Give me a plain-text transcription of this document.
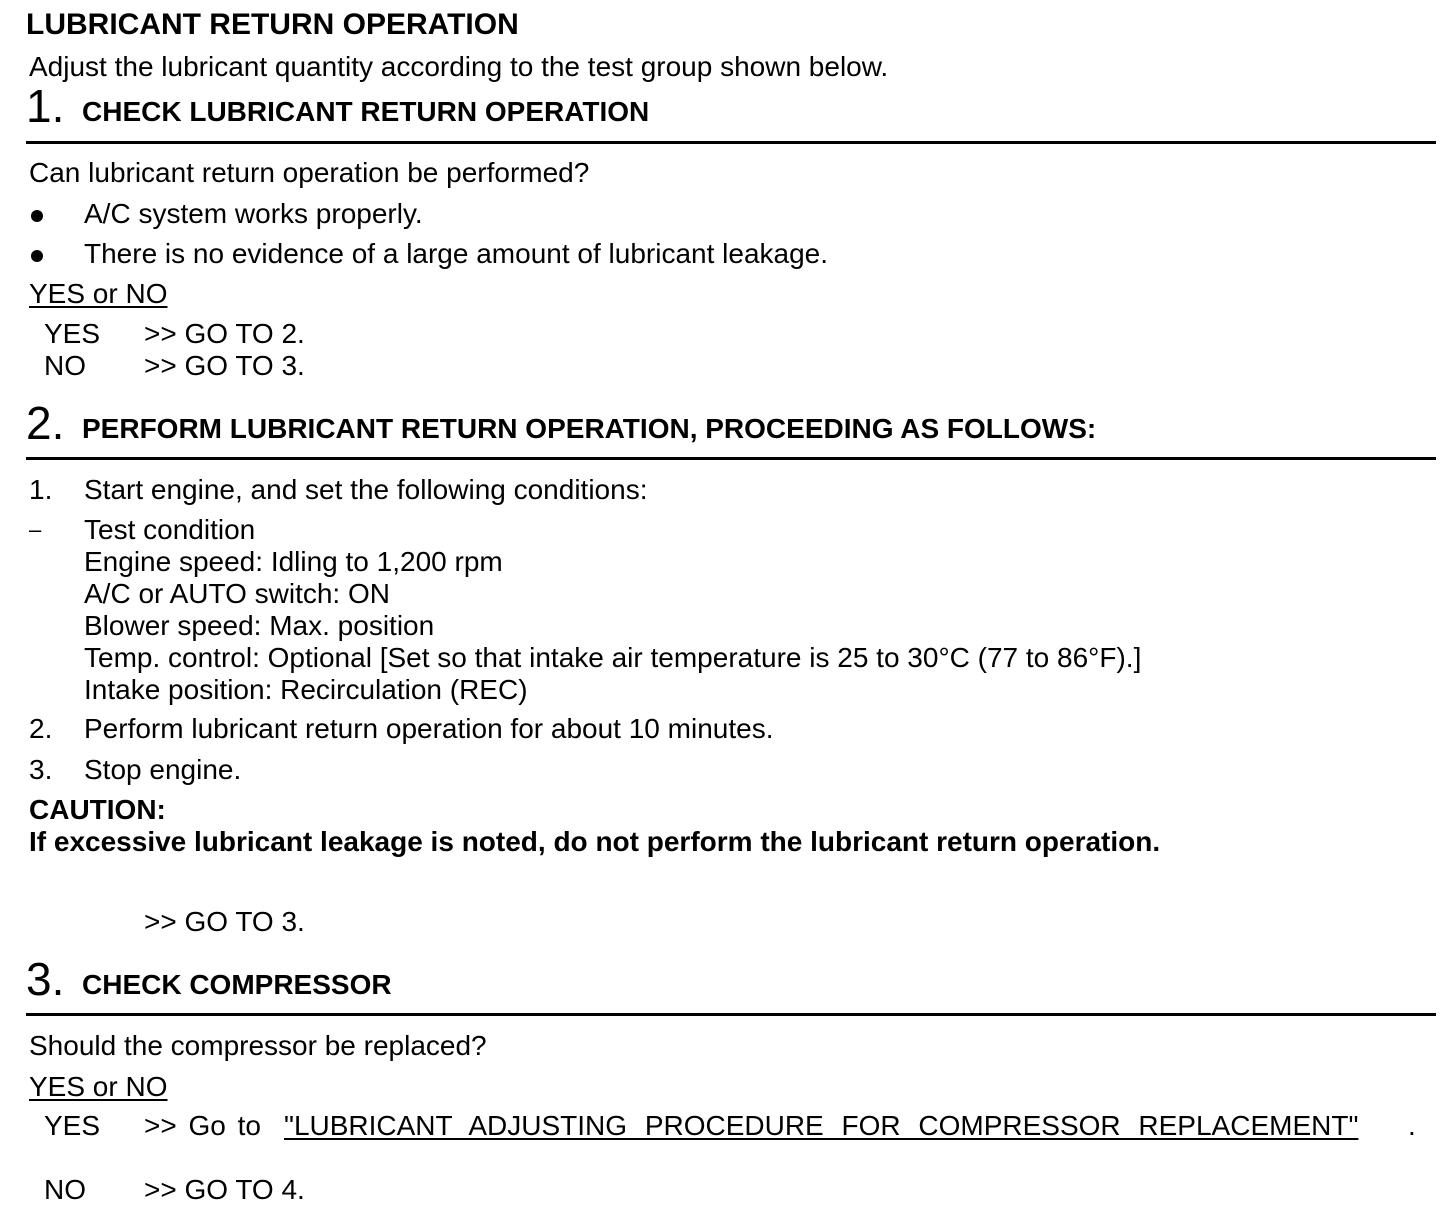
LUBRICANT RETURN OPERATION
Adjust the lubricant quantity according to the test group shown below.
1. CHECK LUBRICANT RETURN OPERATION
Can lubricant return operation be performed?
A/C system works properly.
There is no evidence of a large amount of lubricant leakage.
YES or NO
YES >> GO TO 2.
NO >> GO TO 3.
2. PERFORM LUBRICANT RETURN OPERATION, PROCEEDING AS FOLLOWS:
1. Start engine, and set the following conditions:
– Test condition
Engine speed: Idling to 1,200 rpm
A/C or AUTO switch: ON
Blower speed: Max. position
Temp. control: Optional [Set so that intake air temperature is 25 to 30°C (77 to 86°F).]
Intake position: Recirculation (REC)
2. Perform lubricant return operation for about 10 minutes.
3. Stop engine.
CAUTION:
If excessive lubricant leakage is noted, do not perform the lubricant return operation.
>> GO TO 3.
3. CHECK COMPRESSOR
Should the compressor be replaced?
YES or NO
YES >> Go to "LUBRICANT ADJUSTING PROCEDURE FOR COMPRESSOR REPLACEMENT" .
NO >> GO TO 4.
